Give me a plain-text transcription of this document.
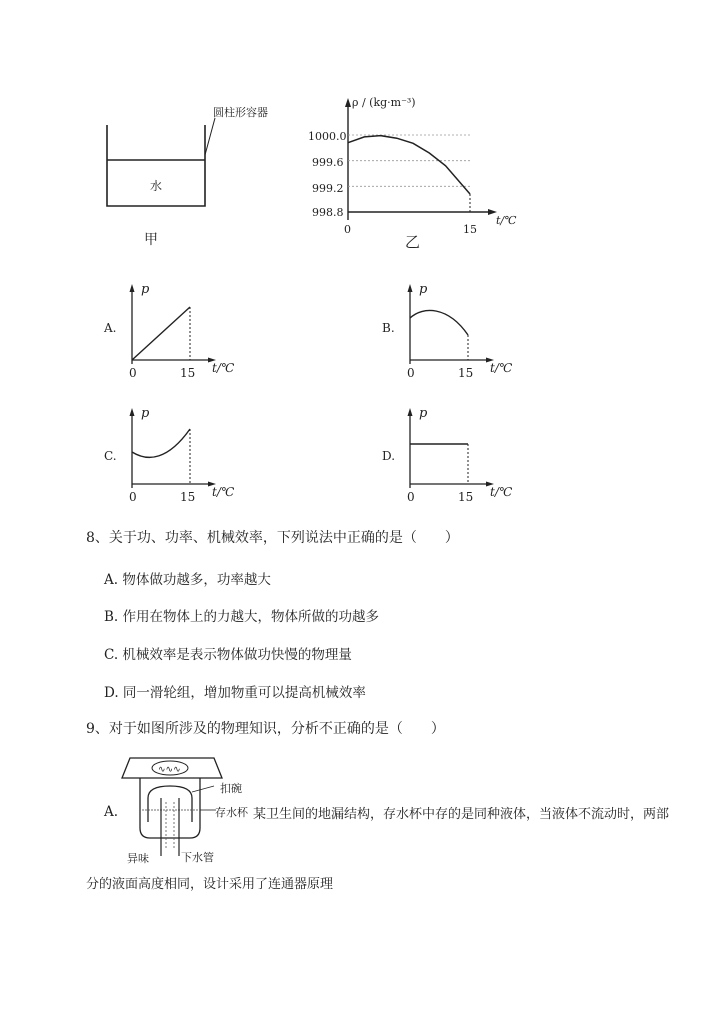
圆柱形容器
水
甲
ρ / (kg·m⁻³)
t/℃
1000.0
999.6
999.2
998.8
0	15
乙
A.
p
t/℃
0	15
B.
p
t/℃
0	15
C.
p
t/℃
0	15
D.
p
t/℃
0	15
8、关于功、功率、机械效率，下列说法中正确的是（　　）
A. 物体做功越多，功率越大
B. 作用在物体上的力越大，物体所做的功越多
C. 机械效率是表示物体做功快慢的物理量
D. 同一滑轮组，增加物重可以提高机械效率
9、对于如图所涉及的物理知识，分析不正确的是（　　）
A.
∿∿∿
扣碗
存水杯
异味	下水管
某卫生间的地漏结构，存水杯中存的是同种液体，当液体不流动时，两部
分的液面高度相同，设计采用了连通器原理
